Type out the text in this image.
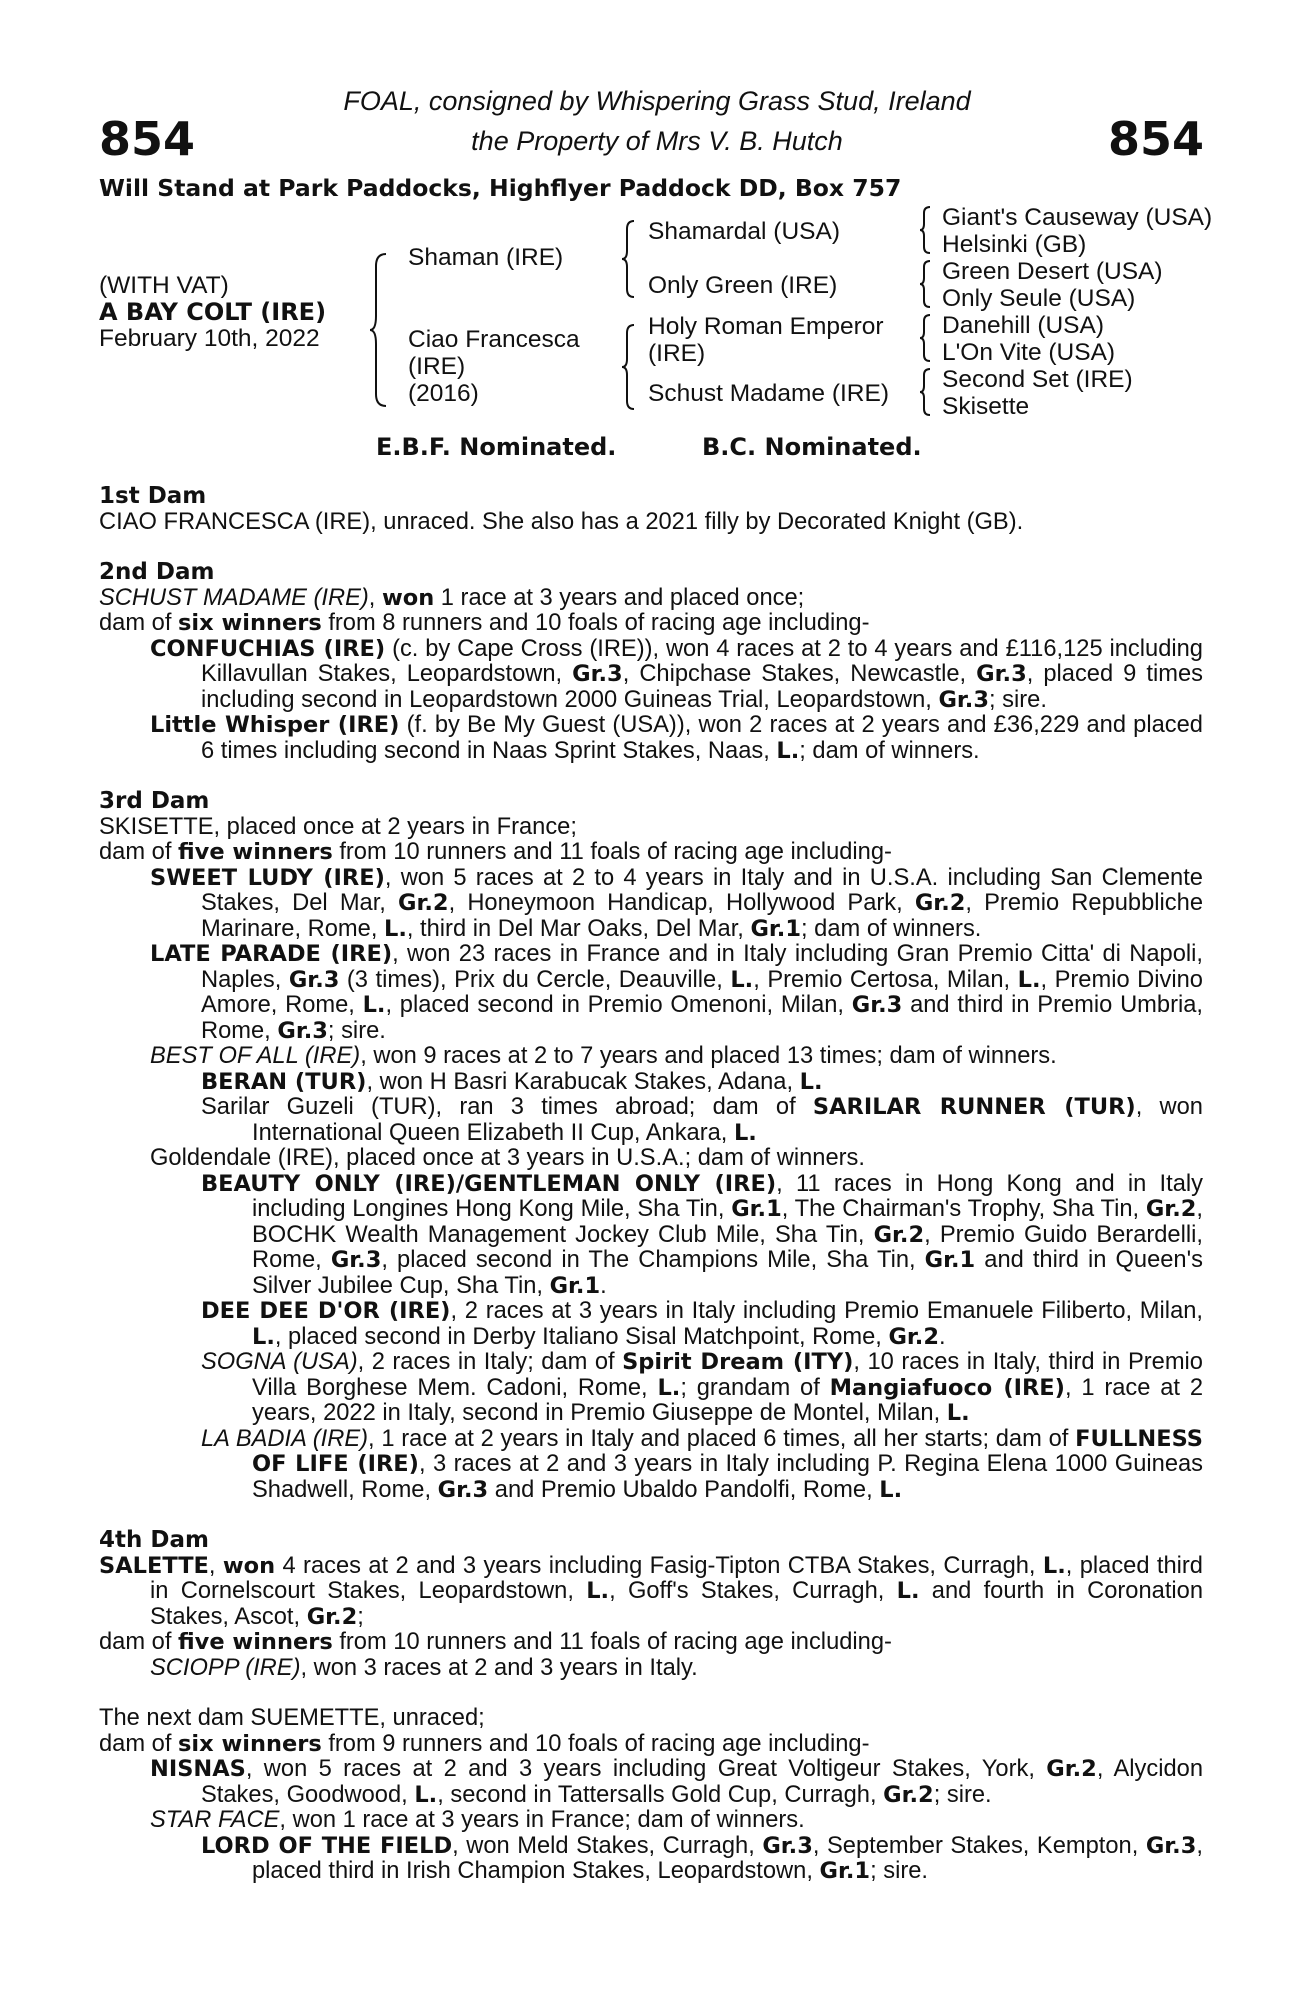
FOAL, consigned by Whispering Grass Stud, Ireland
the Property of Mrs V. B. Hutch
854	854
Will Stand at Park Paddocks, Highflyer Paddock DD, Box 757
(WITH VAT)
A BAY COLT (IRE)
February 10th, 2022
Shaman (IRE)
Ciao Francesca
(IRE)
(2016)
Shamardal (USA)
Only Green (IRE)
Holy Roman Emperor
(IRE)
Schust Madame (IRE)
Giant's Causeway (USA)
Helsinki (GB)
Green Desert (USA)
Only Seule (USA)
Danehill (USA)
L'On Vite (USA)
Second Set (IRE)
Skisette
E.B.F. Nominated.	B.C. Nominated.
1st Dam
CIAO FRANCESCA (IRE), unraced. She also has a 2021 filly by Decorated Knight (GB).
2nd Dam
SCHUST MADAME (IRE), won 1 race at 3 years and placed once;
dam of six winners from 8 runners and 10 foals of racing age including-
CONFUCHIAS (IRE) (c. by Cape Cross (IRE)), won 4 races at 2 to 4 years and £116,125 including Killavullan Stakes, Leopardstown, Gr.3, Chipchase Stakes, Newcastle, Gr.3, placed 9 times including second in Leopardstown 2000 Guineas Trial, Leopardstown, Gr.3; sire.
Little Whisper (IRE) (f. by Be My Guest (USA)), won 2 races at 2 years and £36,229 and placed 6 times including second in Naas Sprint Stakes, Naas, L.; dam of winners.
3rd Dam
SKISETTE, placed once at 2 years in France;
dam of five winners from 10 runners and 11 foals of racing age including-
SWEET LUDY (IRE), won 5 races at 2 to 4 years in Italy and in U.S.A. including San Clemente Stakes, Del Mar, Gr.2, Honeymoon Handicap, Hollywood Park, Gr.2, Premio Repubbliche Marinare, Rome, L., third in Del Mar Oaks, Del Mar, Gr.1; dam of winners.
LATE PARADE (IRE), won 23 races in France and in Italy including Gran Premio Citta' di Napoli, Naples, Gr.3 (3 times), Prix du Cercle, Deauville, L., Premio Certosa, Milan, L., Premio Divino Amore, Rome, L., placed second in Premio Omenoni, Milan, Gr.3 and third in Premio Umbria, Rome, Gr.3; sire.
BEST OF ALL (IRE), won 9 races at 2 to 7 years and placed 13 times; dam of winners.
BERAN (TUR), won H Basri Karabucak Stakes, Adana, L.
Sarilar Guzeli (TUR), ran 3 times abroad; dam of SARILAR RUNNER (TUR), won International Queen Elizabeth II Cup, Ankara, L.
Goldendale (IRE), placed once at 3 years in U.S.A.; dam of winners.
BEAUTY ONLY (IRE)/GENTLEMAN ONLY (IRE), 11 races in Hong Kong and in Italy including Longines Hong Kong Mile, Sha Tin, Gr.1, The Chairman's Trophy, Sha Tin, Gr.2, BOCHK Wealth Management Jockey Club Mile, Sha Tin, Gr.2, Premio Guido Berardelli, Rome, Gr.3, placed second in The Champions Mile, Sha Tin, Gr.1 and third in Queen's Silver Jubilee Cup, Sha Tin, Gr.1.
DEE DEE D'OR (IRE), 2 races at 3 years in Italy including Premio Emanuele Filiberto, Milan, L., placed second in Derby Italiano Sisal Matchpoint, Rome, Gr.2.
SOGNA (USA), 2 races in Italy; dam of Spirit Dream (ITY), 10 races in Italy, third in Premio Villa Borghese Mem. Cadoni, Rome, L.; grandam of Mangiafuoco (IRE), 1 race at 2 years, 2022 in Italy, second in Premio Giuseppe de Montel, Milan, L.
LA BADIA (IRE), 1 race at 2 years in Italy and placed 6 times, all her starts; dam of FULLNESS OF LIFE (IRE), 3 races at 2 and 3 years in Italy including P. Regina Elena 1000 Guineas Shadwell, Rome, Gr.3 and Premio Ubaldo Pandolfi, Rome, L.
4th Dam
SALETTE, won 4 races at 2 and 3 years including Fasig-Tipton CTBA Stakes, Curragh, L., placed third in Cornelscourt Stakes, Leopardstown, L., Goff's Stakes, Curragh, L. and fourth in Coronation Stakes, Ascot, Gr.2;
dam of five winners from 10 runners and 11 foals of racing age including-
SCIOPP (IRE), won 3 races at 2 and 3 years in Italy.
The next dam SUEMETTE, unraced;
dam of six winners from 9 runners and 10 foals of racing age including-
NISNAS, won 5 races at 2 and 3 years including Great Voltigeur Stakes, York, Gr.2, Alycidon Stakes, Goodwood, L., second in Tattersalls Gold Cup, Curragh, Gr.2; sire.
STAR FACE, won 1 race at 3 years in France; dam of winners.
LORD OF THE FIELD, won Meld Stakes, Curragh, Gr.3, September Stakes, Kempton, Gr.3, placed third in Irish Champion Stakes, Leopardstown, Gr.1; sire.
